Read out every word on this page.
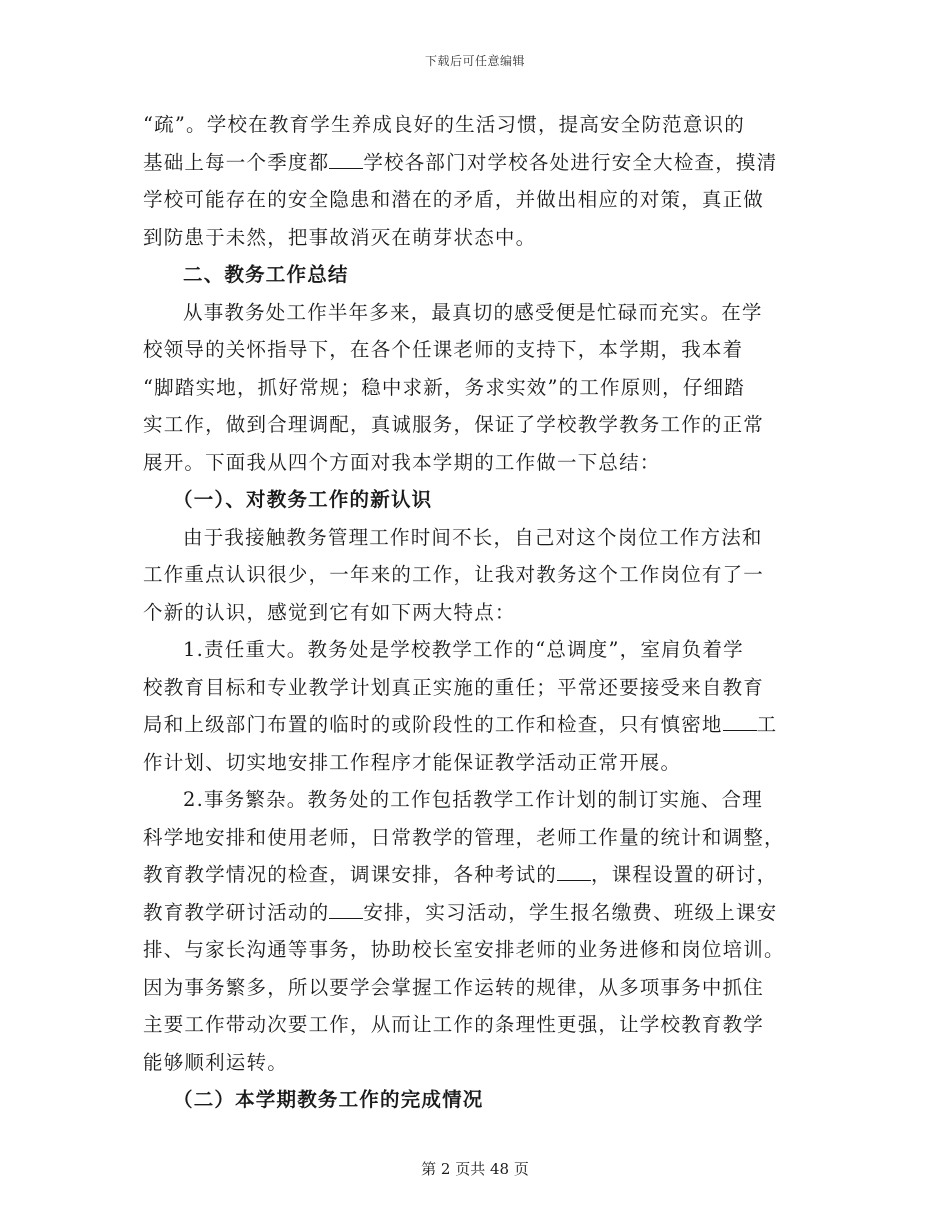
下载后可任意编辑
“疏”。学校在教育学生养成良好的生活习惯，提高安全防范意识的
基础上每一个季度都 学校各部门对学校各处进行安全大检查，摸清
学校可能存在的安全隐患和潜在的矛盾，并做出相应的对策，真正做
到防患于未然，把事故消灭在萌芽状态中。
二、教务工作总结
从事教务处工作半年多来，最真切的感受便是忙碌而充实。在学
校领导的关怀指导下，在各个任课老师的支持下，本学期，我本着
“脚踏实地，抓好常规；稳中求新，务求实效”的工作原则，仔细踏
实工作，做到合理调配，真诚服务，保证了学校教学教务工作的正常
展开。下面我从四个方面对我本学期的工作做一下总结：
（一）、对教务工作的新认识
由于我接触教务管理工作时间不长，自己对这个岗位工作方法和
工作重点认识很少，一年来的工作，让我对教务这个工作岗位有了一
个新的认识，感觉到它有如下两大特点：
1.责任重大。教务处是学校教学工作的“总调度”，室肩负着学
校教育目标和专业教学计划真正实施的重任；平常还要接受来自教育
局和上级部门布置的临时的或阶段性的工作和检查，只有慎密地 工
作计划、切实地安排工作程序才能保证教学活动正常开展。
2.事务繁杂。教务处的工作包括教学工作计划的制订实施、合理
科学地安排和使用老师，日常教学的管理，老师工作量的统计和调整，
教育教学情况的检查，调课安排，各种考试的 ，课程设置的研讨，
教育教学研讨活动的 安排，实习活动，学生报名缴费、班级上课安
排、与家长沟通等事务，协助校长室安排老师的业务进修和岗位培训。
因为事务繁多，所以要学会掌握工作运转的规律，从多项事务中抓住
主要工作带动次要工作，从而让工作的条理性更强，让学校教育教学
能够顺利运转。
（二）本学期教务工作的完成情况
第 2 页共 48 页
